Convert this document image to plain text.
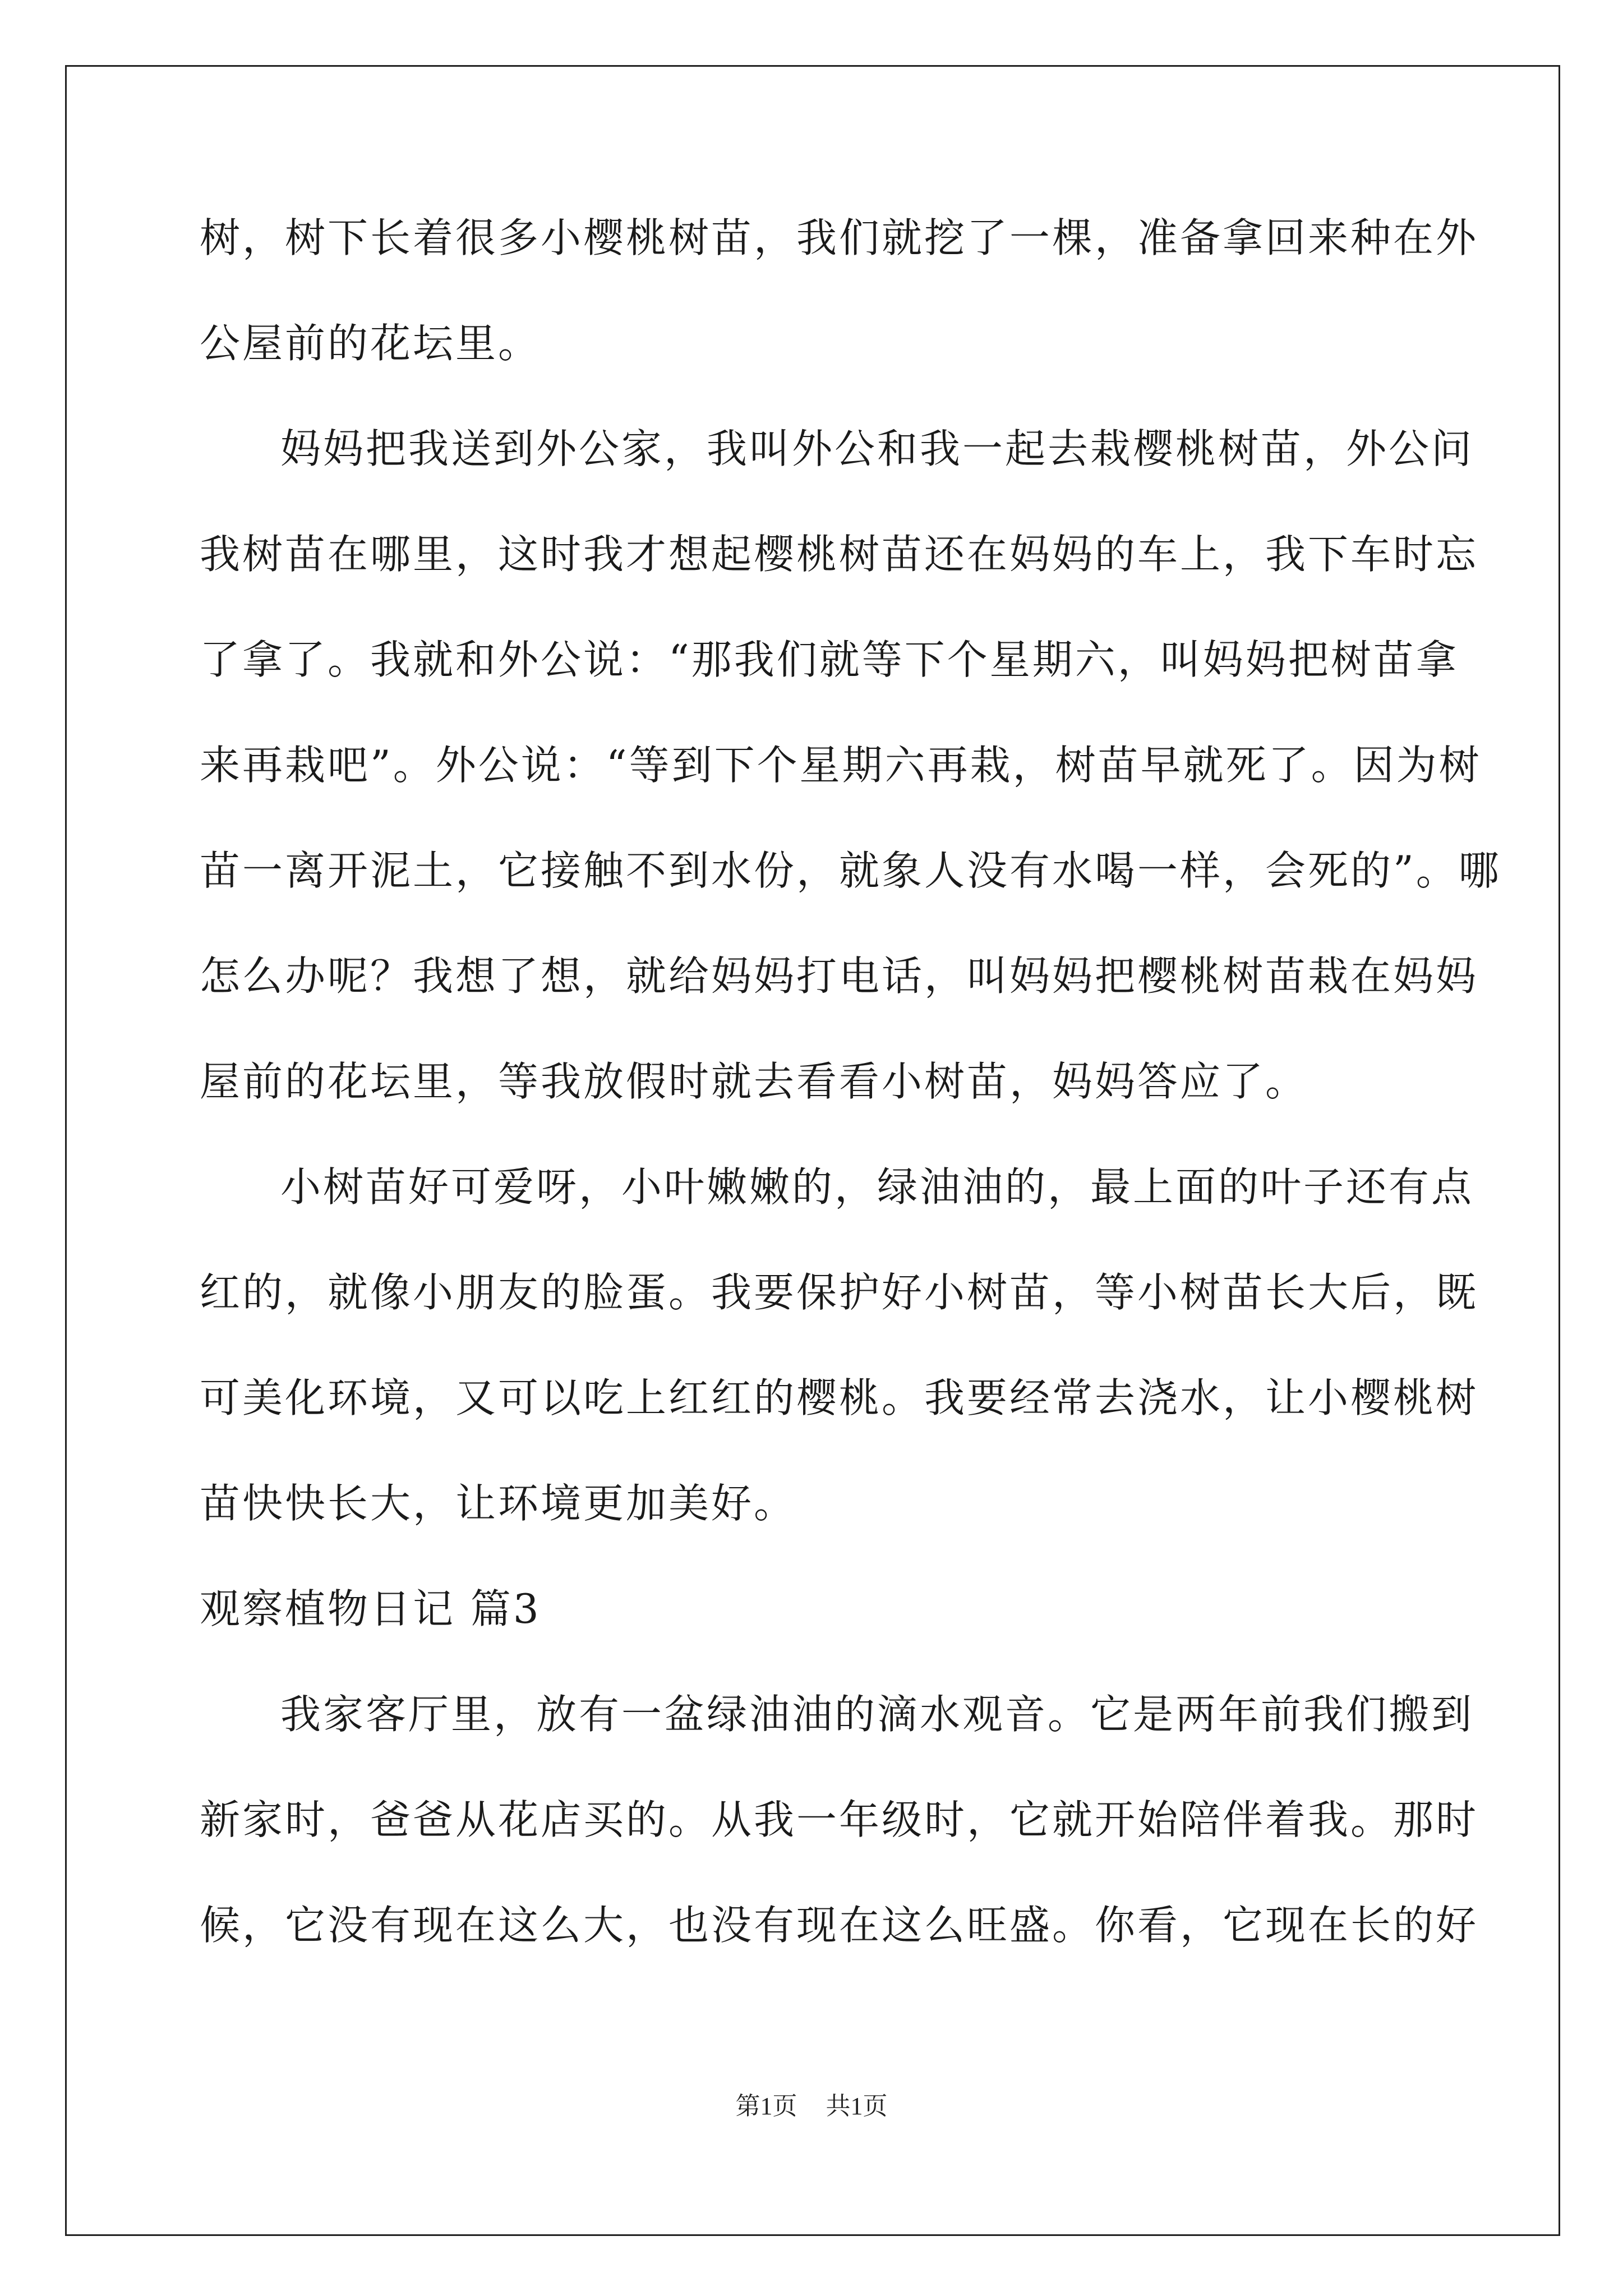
树，树下长着很多小樱桃树苗，我们就挖了一棵，准备拿回来种在外
公屋前的花坛里。
妈妈把我送到外公家，我叫外公和我一起去栽樱桃树苗，外公问
我树苗在哪里，这时我才想起樱桃树苗还在妈妈的车上，我下车时忘
了拿了。我就和外公说：“那我们就等下个星期六，叫妈妈把树苗拿
来再栽吧”。外公说：“等到下个星期六再栽，树苗早就死了。因为树
苗一离开泥土，它接触不到水份，就象人没有水喝一样，会死的”。哪
怎么办呢？我想了想，就给妈妈打电话，叫妈妈把樱桃树苗栽在妈妈
屋前的花坛里，等我放假时就去看看小树苗，妈妈答应了。
小树苗好可爱呀，小叶嫩嫩的，绿油油的，最上面的叶子还有点
红的，就像小朋友的脸蛋。我要保护好小树苗，等小树苗长大后，既
可美化环境，又可以吃上红红的樱桃。我要经常去浇水，让小樱桃树
苗快快长大，让环境更加美好。
观察植物日记 篇3
我家客厅里，放有一盆绿油油的滴水观音。它是两年前我们搬到
新家时，爸爸从花店买的。从我一年级时，它就开始陪伴着我。那时
候，它没有现在这么大，也没有现在这么旺盛。你看，它现在长的好
第1页 共1页
